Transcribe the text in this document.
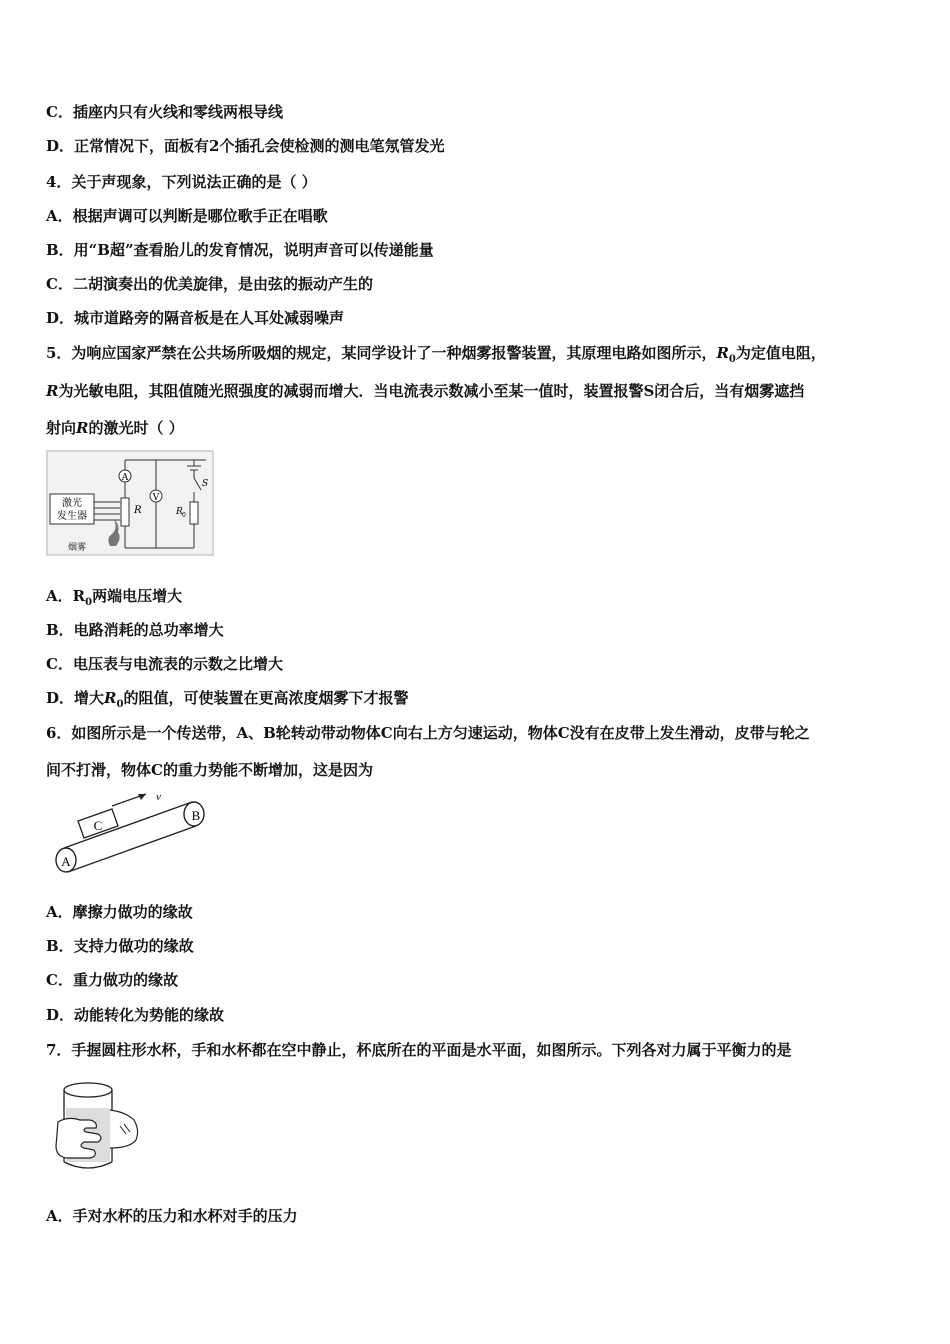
C．插座内只有火线和零线两根导线
D．正常情况下，面板有2个插孔会使检测的测电笔氖管发光
4．关于声现象，下列说法正确的是（ ）
A．根据声调可以判断是哪位歌手正在唱歌
B．用“B超”查看胎儿的发育情况，说明声音可以传递能量
C．二胡演奏出的优美旋律，是由弦的振动产生的
D．城市道路旁的隔音板是在人耳处减弱噪声
5．为响应国家严禁在公共场所吸烟的规定，某同学设计了一种烟雾报警装置，其原理电路如图所示，$R_0$为定值电阻，
R为光敏电阻，其阻值随光照强度的减弱而增大．当电流表示数减小至某一值时，装置报警S闭合后，当有烟雾遮挡
射向R的激光时（ ）
激光
发生器
R
A
V
S
R 0
烟雾
A．$R_0$两端电压增大
B．电路消耗的总功率增大
C．电压表与电流表的示数之比增大
D．增大$R_0$的阻值，可使装置在更高浓度烟雾下才报警
6．如图所示是一个传送带，A、B轮转动带动物体C向右上方匀速运动，物体C没有在皮带上发生滑动，皮带与轮之
间不打滑，物体C的重力势能不断增加，这是因为
A
B
C
v
A．摩擦力做功的缘故
B．支持力做功的缘故
C．重力做功的缘故
D．动能转化为势能的缘故
7．手握圆柱形水杯，手和水杯都在空中静止，杯底所在的平面是水平面，如图所示。下列各对力属于平衡力的是
A．手对水杯的压力和水杯对手的压力
